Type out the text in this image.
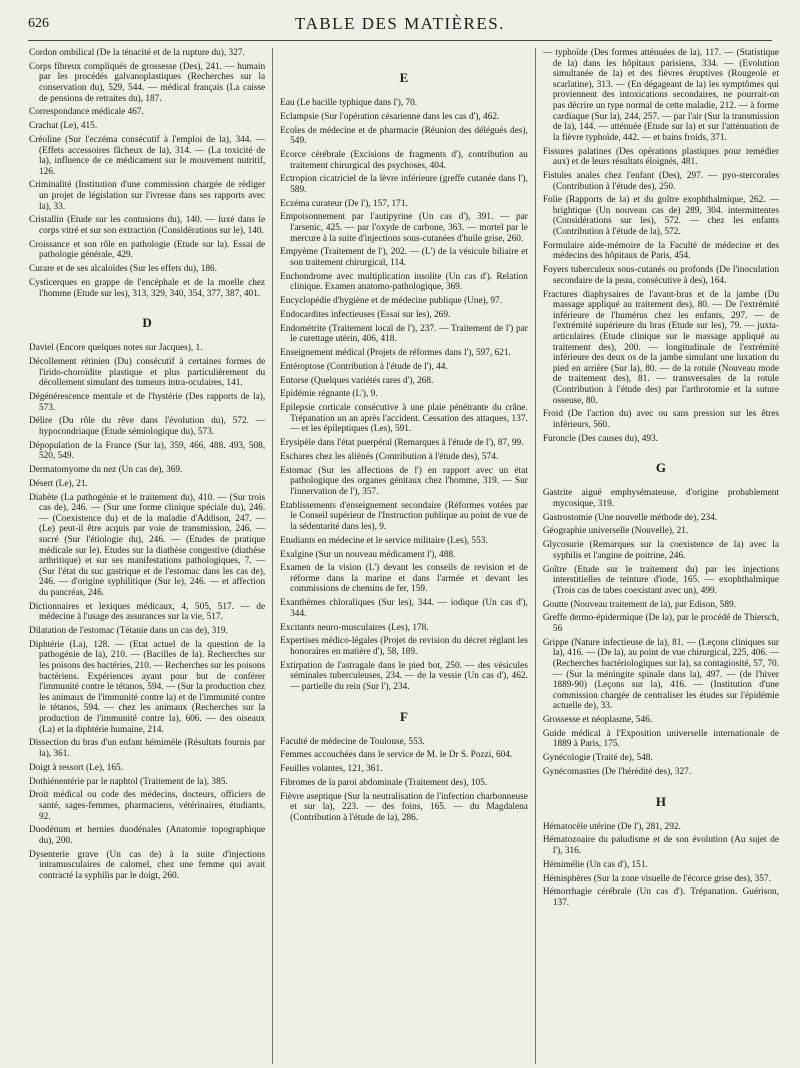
626	TABLE DES MATIÈRES.

Cordon ombilical (De la ténacité et de la rupture du), 327.

Corps fibreux compliqués de grossesse (Des), 241. — humain par les procédés galvanoplastiques (Recherches sur la conservation du), 529, 544. — médical français (La caisse de pensions de retraites du), 187.

Correspondance médicale 467.

Crachat (Le), 415.

Créoline (Sur l'eczéma consécutif à l'emploi de la), 344. — (Effets accessoires fâcheux de la), 314. — (La toxicité de la), influence de ce médicament sur le mouvement nutritif, 126.

Criminalité (Institution d'une commission chargée de rédiger un projet de législation sur l'ivresse dans ses rapports avec la), 33.

Cristallin (Etude sur les contusions du), 140. — luxé dans le corps vitré et sur son extraction (Considérations sur le), 140.

Croissance et son rôle en pathologie (Etude sur la). Essai de pathologie générale, 429.

Curare et de ses alcaloïdes (Sur les effets du), 186.

Cysticerques en grappe de l'encéphale et de la moelle chez l'homme (Etude sur les), 313, 329, 340, 354, 377, 387, 401.

D

Daviel (Encore quelques notes sur Jacques), 1.

Décollement rétinien (Du) consécutif à certaines formes de l'irido-choroïdite plastique et plus particulièrement du décollement simulant des tumeurs intra-oculaires, 141.

Dégénérescence mentale et de l'hystérie (Des rapports de la), 573.

Délire (Du rôle du rêve dans l'évolution du), 572. — hypocondriaque (Etude sémiologique du), 573.

Dépopulation de la France (Sur la), 359, 466, 488. 493, 508, 520, 549.

Dermatomyome du nez (Un cas de), 369.

Désert (Le), 21.

Diabète (La pathogénie et le traitement du), 410. — (Sur trois cas de), 246. — (Sur une forme clinique spéciale du), 246. — (Coexistence du) et de la maladie d'Addison, 247. — (Le) peut-il être acquis par voie de transmission, 246. — sucré (Sur l'étiologie du), 246. — (Etudes de pratique médicale sur le). Etudes sur la diathèse congestive (diathèse arthritique) et sur ses manifestations pathologiques, 7. — (Sur l'état du suc gastrique et de l'estomac dans les cas de), 246. — d'origine syphilitique (Sur le), 246. — et affection du pancréas, 246.

Dictionnaires et lexiques médicaux, 4, 505, 517. — de médecine à l'usage des assurances sur la vie, 517.

Dilatation de l'estomac (Tétanie dans un cas de), 319.

Diphtérie (La), 128. — (Etat actuel de la question de la pathogénie de la), 210. — (Bacilles de la). Recherches sur les poisons des bactéries, 210. — Recherches sur les poisons bactériens. Expériences ayant pour but de conférer l'immunité contre le tétanos, 594. — (Sur la production chez les animaux de l'immunité contre la) et de l'immunité contre le tétanos, 594. — chez les animaux (Recherches sur la production de l'immunité contre la), 606. — des oiseaux (La) et la diphtérie humaine, 214.

Dissection du bras d'un enfant hémimèle (Résultats fournis par la), 361.

Doigt à ressort (Le), 165.

Dothiénentérie par le naphtol (Traitement de la), 385.

Droit médical ou code des médecins, docteurs, officiers de santé, sages-femmes, pharmaciens, vétérinaires, étudiants, 92.

Duodénum et hernies duodénales (Anatomie topographique du), 200.

Dysenterie grave (Un cas de) à la suite d'injections intramusculaires de calomel, chez une femme qui avait contracté la syphilis par le doigt, 260.

E

Eau (Le bacille typhique dans l'), 70.

Eclampsie (Sur l'opération césarienne dans les cas d'), 462.

Ecoles de médecine et de pharmacie (Réunion des délégués des), 549.

Ecorce cérébrale (Excisions de fragments d'), contribution au traitement chirurgical des psychoses, 404.

Ectropion cicatriciel de la lèvre inférieure (greffe cutanée dans l'), 589.

Eczéma curateur (De l'), 157, 171.

Empoisonnement par l'autipyrine (Un cas d'), 391. — par l'arsenic, 425. — par l'oxyde de carbone, 363. — mortel par le mercure à la suite d'injections sous-cutanées d'huile grise, 260.

Empyème (Traitement de l'), 202. — (L') de la vésicule biliaire et son traitement chirurgical, 114.

Enchondrome avec multiplication insolite (Un cas d'). Relation clinique. Examen anatomo-pathologique, 369.

Encyclopédie d'hygiène et de médecine publique (Une), 97.

Endocardites infectieuses (Essai sur les), 269.

Endométrite (Traitement local de l'), 237. — Traitement de l') par le curettage utérin, 406, 418.

Enseignement médical (Projets de réformes dans l'), 597, 621.

Entéroptose (Contribution à l'étude de l'), 44.

Entorse (Quelques variétés rares d'), 268.

Epidémie régnante (L'), 9.

Epilepsie corticale consécutive à une plaie pénétrante du crâne. Trépanation un an après l'accident. Cessation des attaques, 137. — et les épileptiques (Les), 591.

Erysipèle dans l'état puerpéral (Remarques à l'étude de l'), 87, 99.

Eschares chez les aliénés (Contribution à l'étude des), 574.

Estomac (Sur les affections de l') en rapport avec un état pathologique des organes génitaux chez l'homme, 319. — Sur l'innervation de l'), 357.

Etablissements d'enseignement secondaire (Réformes votées par le Conseil supérieur de l'Instruction publique au point de vue de la sédentarité dans les), 9.

Etudiants en médecine et le service militaire (Les), 553.

Exalgine (Sur un nouveau médicament l'), 488.

Examen de la vision (L') devant les conseils de revision et de réforme dans la marine et dans l'armée et devant les commissions de chemins de fer, 159.

Exanthèmes chloraliques (Sur les), 344. — iodique (Un cas d'), 344.

Excitants neuro-musculaires (Les), 178.

Expertises médico-légales (Projet de revision du décret réglant les honoraires en matière d'), 58, 189.

Extirpation de l'astragale dans le pied bot, 250. — des vésicules séminales tuberculeuses, 234. — de la vessie (Un cas d'), 462. — partielle du rein (Sur l'), 234.

F

Faculté de médecine de Toulouse, 553.

Femmes accouchées dans le service de M. le Dr S. Pozzi, 604.

Feuilles volantes, 121, 361.

Fibromes de la paroi abdominale (Traitement des), 105.

Fièvre aseptique (Sur la neutralisation de l'infection charbonneuse et sur la), 223. — des foins, 165. — du Magdalena (Contribution à l'étude de la), 286.

— typhoïde (Des formes atténuées de la), 117. — (Statistique de la) dans les hôpitaux parisiens, 334. — (Evolution simultanée de la) et des fièvres éruptives (Rougeole et scarlatine), 313. — (En dégageant de la) les symptômes qui proviennent des intoxications secondaires, ne pourrait-on pas décrire un type normal de cette maladie, 212. — à forme cardiaque (Sur la), 244, 257. — par l'air (Sur la transmission de la), 144. — atténuée (Etude sur la) et sur l'atténuation de la fièvre typhoïde, 442. — et bains froids, 371.

Fissures palatines (Des opérations plastiques pour remédier aux) et de leurs résultats éloignés, 481.

Fistules anales chez l'enfant (Des), 297. — pyo-stercorales (Contribution à l'étude des), 250.

Folie (Rapports de la) et du goître exophthalmique, 262. — brightique (Un nouveau cas de) 289, 304. intermittentes (Considérations sur les), 572. — chez les enfants (Contribution à l'étude de la), 572.

Formulaire aide-mémoire de la Faculté de médecine et des médecins des hôpitaux de Paris, 454.

Foyers tuberculeux sous-cutanés ou profonds (De l'inoculation secondaire de la peau, consécutive à des), 164.

Fractures diaphysaires de l'avant-bras et de la jambe (Du massage appliqué au traitement des), 80. — De l'extrémité inférieure de l'humérus chez les enfants, 297. — de l'extrémité supérieure du bras (Etude sur les), 79. — juxta-articulaires (Etude clinique sur le massage appliqué au traitement des), 200. — longitudinale de l'extrémité inférieure des deux os de la jambe simulant une luxation du pied en arrière (Sur la), 80. — de la rotule (Nouveau mode de traitement des), 81. — transversales de la rotule (Contribution à l'étude des) par l'arthrotomie et la suture osseuse, 80.

Froid (De l'action du) avec ou sans pression sur les êtres inférieurs, 560.

Furoncle (Des causes du), 493.

G

Gastrite aiguë emphysémateuse, d'origine probablement mycosique, 319.

Gastrostomie (Une nouvelle méthode de), 234.

Géographie universelle (Nouvelle), 21.

Glycosurie (Remarques sur la coexistence de la) avec la syphilis et l'angine de poitrine, 246.

Goître (Etude sur le traitement du) par les injections interstitielles de teinture d'iode, 165. — exophthalmique (Trois cas de tabes coexistant avec un), 499.

Goutte (Nouveau traitement de la), par Edison, 589.

Greffe dermo-épidermique (De la), par le procédé de Thiersch, 56

Grippe (Nature infectieuse de la), 81. — (Leçons cliniques sur la), 416. — (De la), au point de vue chirurgical, 225, 406. — (Recherches bactériologiques sur la), sa contagiosité, 57, 70. — (Sur la méningite spinale dans la), 497. — (de l'hiver 1889-90) (Leçons sur la), 416. — (Institution d'une commission chargée de centraliser les études sur l'épidémie actuelle de), 33.

Grossesse et néoplasme, 546.

Guide médical à l'Exposition universelle internationale de 1889 à Paris, 175.

Gynécologie (Traité de), 548.

Gynécomasties (De l'hérédité des), 327.

H

Hématocèle utérine (De l'), 281, 292.

Hématozoaire du paludisme et de son évolution (Au sujet de l'), 316.

Hémimélie (Un cas d'), 151.

Hémisphères (Sur la zone visuelle de l'écorce grise des), 357.

Hémorrhagie cérébrale (Un cas d'). Trépanation. Guérison, 137.
